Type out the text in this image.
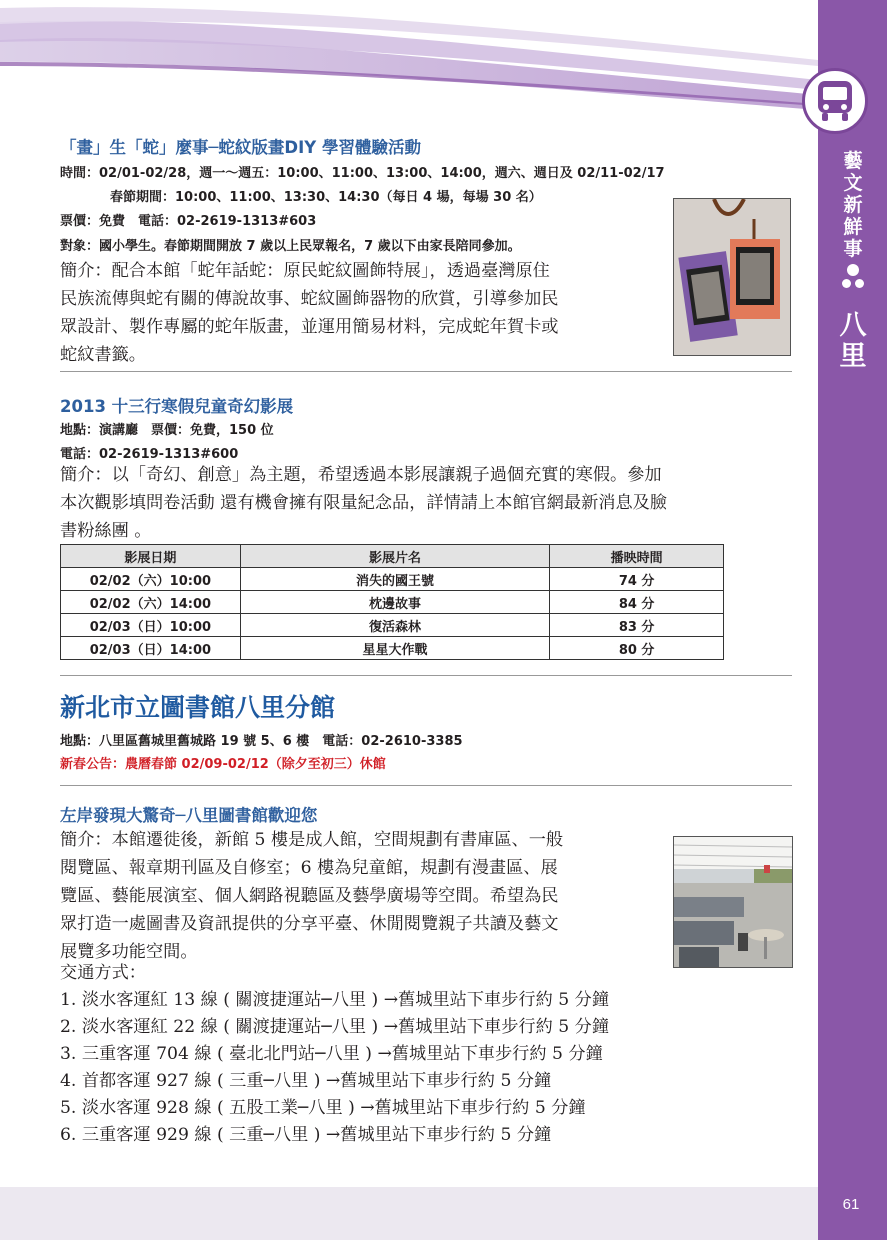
藝
文
新
鮮
事
八
里
61
「畫」生「蛇」麼事─蛇紋版畫DIY 學習體驗活動
時間：02/01-02/28，週一～週五：10:00、11:00、13:00、14:00，週六、週日及 02/11-02/17
春節期間：10:00、11:00、13:30、14:30（每日 4 場，每場 30 名）
票價：免費　電話：02-2619-1313#603
對象：國小學生。春節期間開放 7 歲以上民眾報名，7 歲以下由家長陪同參加。
簡介：配合本館「蛇年話蛇：原民蛇紋圖飾特展」，透過臺灣原住
民族流傳與蛇有關的傳說故事、蛇紋圖飾器物的欣賞，引導參加民
眾設計、製作專屬的蛇年版畫，並運用簡易材料，完成蛇年賀卡或
蛇紋書籤。
2013 十三行寒假兒童奇幻影展
地點：演講廳　票價：免費，150 位
電話：02-2619-1313#600
簡介：以「奇幻、創意」為主題，希望透過本影展讓親子過個充實的寒假。參加
本次觀影填問卷活動 還有機會擁有限量紀念品，詳情請上本館官網最新消息及臉
書粉絲團 。
影展日期	影展片名	播映時間
02/02（六）10:00	消失的國王號	74 分
02/02（六）14:00	枕邊故事	84 分
02/03（日）10:00	復活森林	83 分
02/03（日）14:00	星星大作戰	80 分
新北市立圖書館八里分館
地點：八里區舊城里舊城路 19 號 5、6 樓　電話：02-2610-3385
新春公告：農曆春節 02/09-02/12（除夕至初三）休館
左岸發現大驚奇─八里圖書館歡迎您
簡介：本館遷徙後，新館 5 樓是成人館，空間規劃有書庫區、一般
閱覽區、報章期刊區及自修室；6 樓為兒童館，規劃有漫畫區、展
覽區、藝能展演室、個人網路視聽區及藝學廣場等空間。希望為民
眾打造一處圖書及資訊提供的分享平臺、休閒閱覽親子共讀及藝文
展覽多功能空間。
交通方式：
1. 淡水客運紅 13 線 ( 關渡捷運站─八里 ) →舊城里站下車步行約 5 分鐘
2. 淡水客運紅 22 線 ( 關渡捷運站─八里 ) →舊城里站下車步行約 5 分鐘
3. 三重客運 704 線 ( 臺北北門站─八里 ) →舊城里站下車步行約 5 分鐘
4. 首都客運 927 線 ( 三重─八里 ) →舊城里站下車步行約 5 分鐘
5. 淡水客運 928 線 ( 五股工業─八里 ) →舊城里站下車步行約 5 分鐘
6. 三重客運 929 線 ( 三重─八里 ) →舊城里站下車步行約 5 分鐘
